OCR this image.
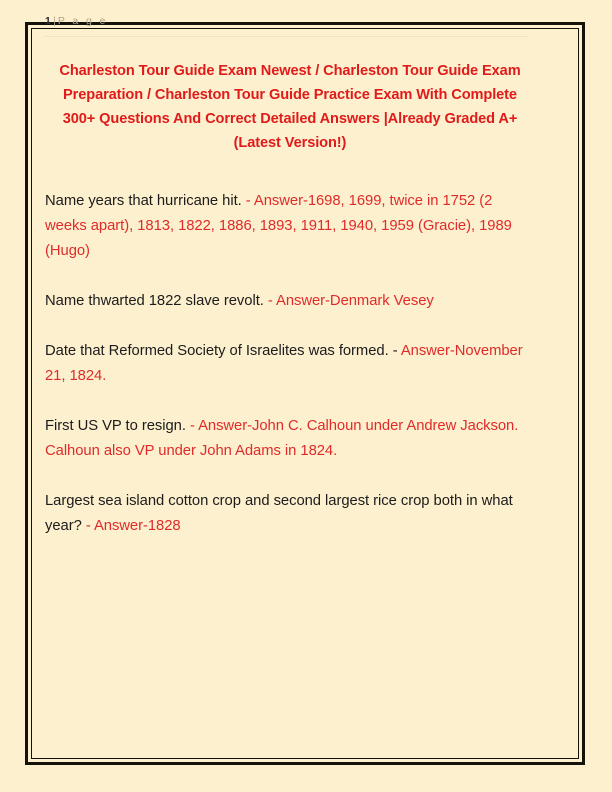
1 | P a g e
Charleston Tour Guide Exam Newest / Charleston Tour Guide Exam Preparation / Charleston Tour Guide Practice Exam With Complete 300+ Questions And Correct Detailed Answers |Already Graded A+(Latest Version!)
Name years that hurricane hit. - Answer-1698, 1699, twice in 1752 (2 weeks apart), 1813, 1822, 1886, 1893, 1911, 1940, 1959 (Gracie), 1989 (Hugo)
Name thwarted 1822 slave revolt. - Answer-Denmark Vesey
Date that Reformed Society of Israelites was formed. - Answer-November 21, 1824.
First US VP to resign. - Answer-John C. Calhoun under Andrew Jackson. Calhoun also VP under John Adams in 1824.
Largest sea island cotton crop and second largest rice crop both in what year? - Answer-1828
